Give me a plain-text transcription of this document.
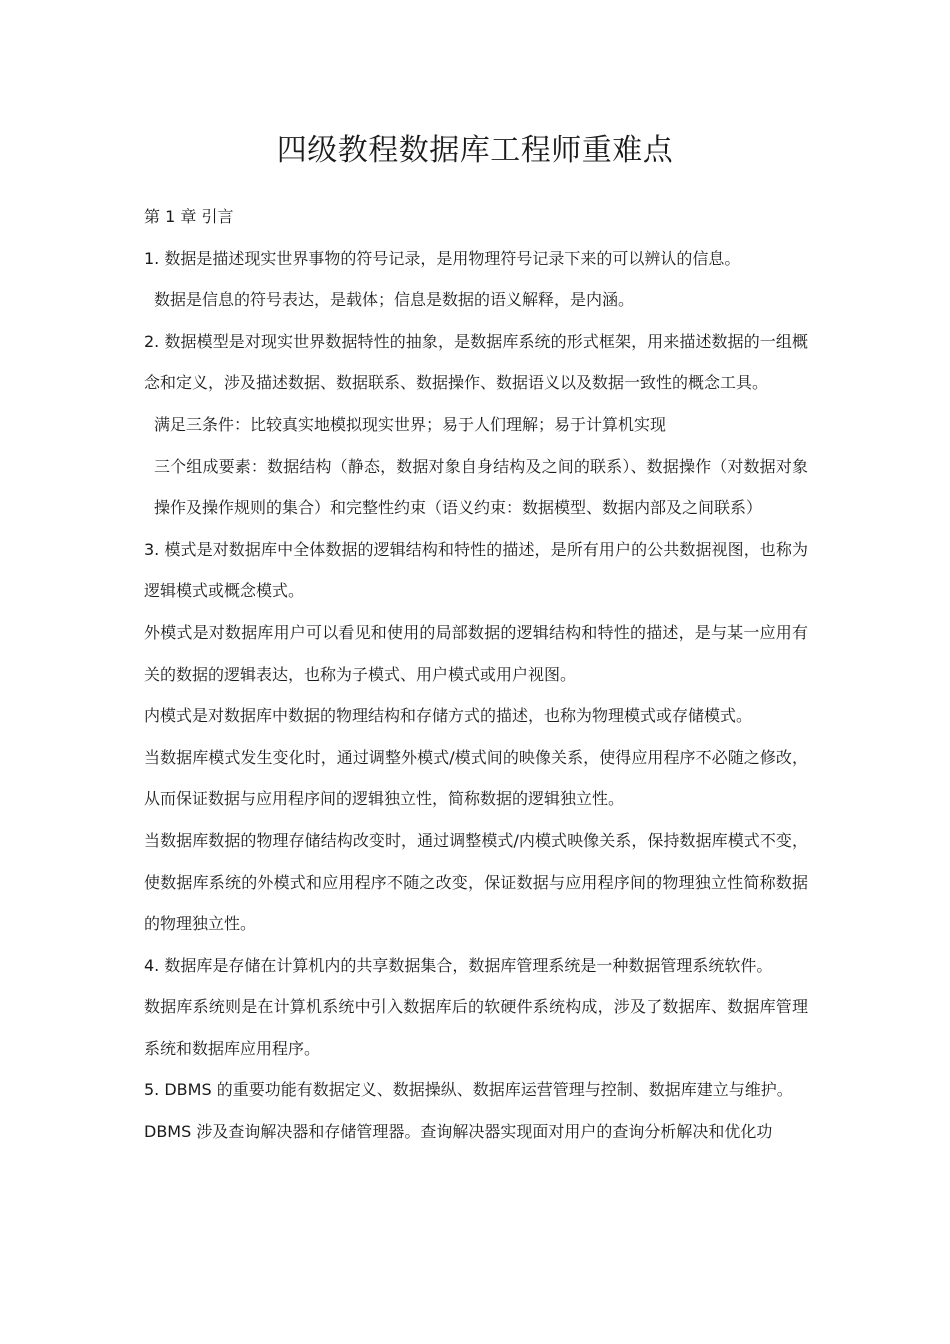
四级教程数据库工程师重难点

第 1 章 引言

1. 数据是描述现实世界事物的符号记录，是用物理符号记录下来的可以辨认的信息。

数据是信息的符号表达，是载体；信息是数据的语义解释，是内涵。

2. 数据模型是对现实世界数据特性的抽象，是数据库系统的形式框架，用来描述数据的一组概念和定义，涉及描述数据、数据联系、数据操作、数据语义以及数据一致性的概念工具。

满足三条件：比较真实地模拟现实世界；易于人们理解；易于计算机实现

三个组成要素：数据结构（静态，数据对象自身结构及之间的联系）、数据操作（对数据对象操作及操作规则的集合）和完整性约束（语义约束：数据模型、数据内部及之间联系）

3. 模式是对数据库中全体数据的逻辑结构和特性的描述，是所有用户的公共数据视图，也称为逻辑模式或概念模式。

外模式是对数据库用户可以看见和使用的局部数据的逻辑结构和特性的描述，是与某一应用有关的数据的逻辑表达，也称为子模式、用户模式或用户视图。

内模式是对数据库中数据的物理结构和存储方式的描述，也称为物理模式或存储模式。

当数据库模式发生变化时，通过调整外模式/模式间的映像关系，使得应用程序不必随之修改，从而保证数据与应用程序间的逻辑独立性，简称数据的逻辑独立性。

当数据库数据的物理存储结构改变时，通过调整模式/内模式映像关系，保持数据库模式不变，使数据库系统的外模式和应用程序不随之改变，保证数据与应用程序间的物理独立性简称数据的物理独立性。

4. 数据库是存储在计算机内的共享数据集合，数据库管理系统是一种数据管理系统软件。

数据库系统则是在计算机系统中引入数据库后的软硬件系统构成，涉及了数据库、数据库管理系统和数据库应用程序。

5. DBMS 的重要功能有数据定义、数据操纵、数据库运营管理与控制、数据库建立与维护。

DBMS 涉及查询解决器和存储管理器。查询解决器实现面对用户的查询分析解决和优化功
